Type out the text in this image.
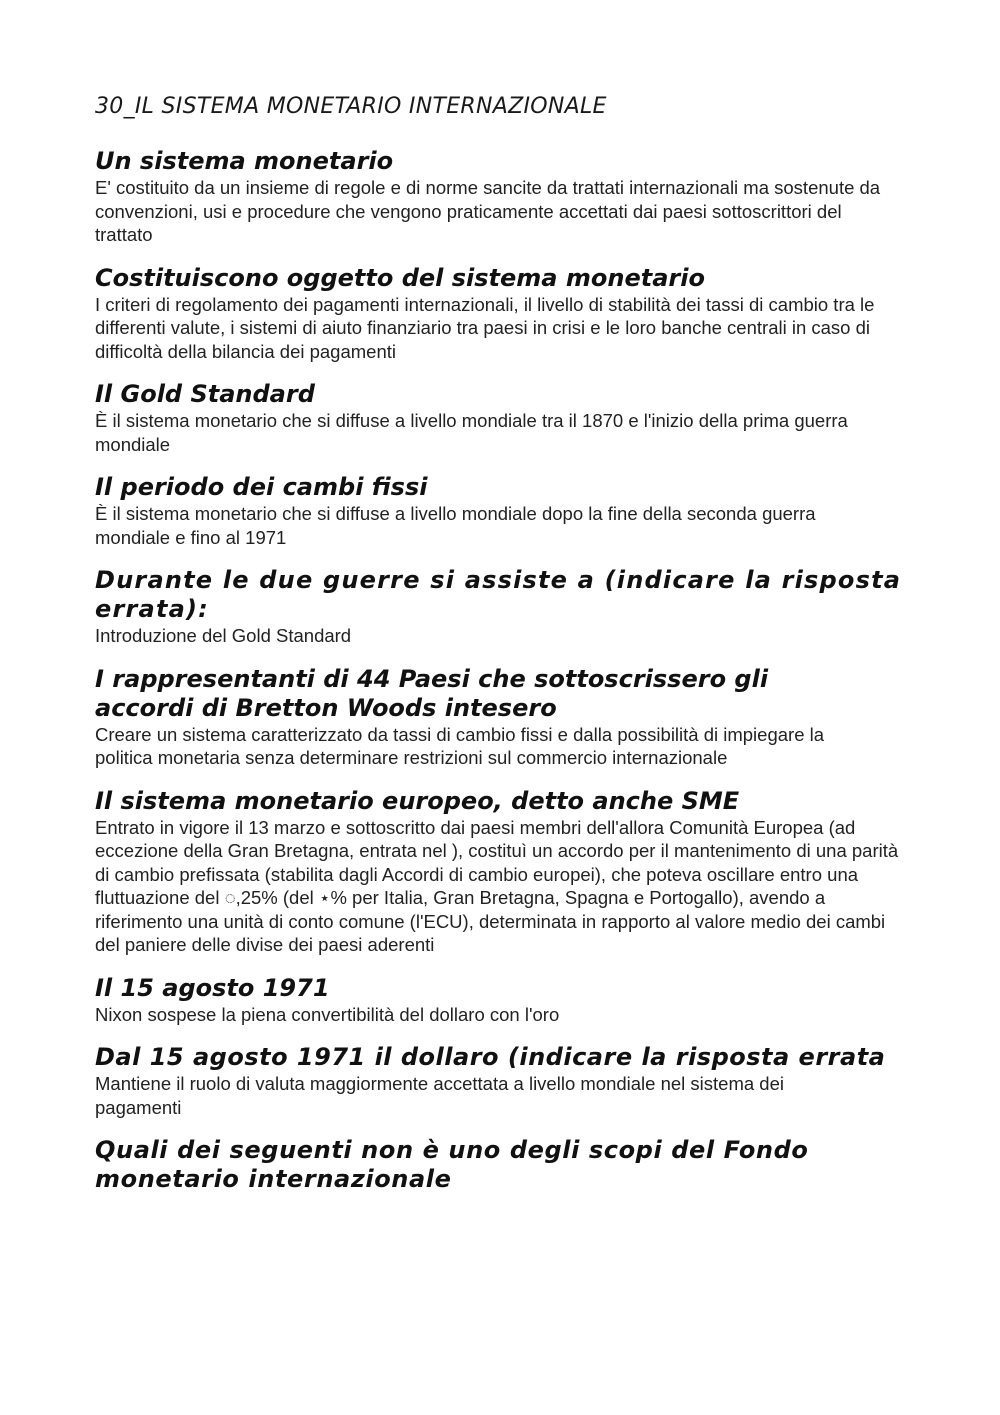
30_IL SISTEMA MONETARIO INTERNAZIONALE
Un sistema monetario

E' costituito da un insieme di regole e di norme sancite da trattati internazionali ma sostenute da convenzioni, usi e procedure che vengono praticamente accettati dai paesi sottoscrittori del trattato

Costituiscono oggetto del sistema monetario

I criteri di regolamento dei pagamenti internazionali, il livello di stabilità dei tassi di cambio tra le differenti valute, i sistemi di aiuto finanziario tra paesi in crisi e le loro banche centrali in caso di difficoltà della bilancia dei pagamenti

Il Gold Standard

È il sistema monetario che si diffuse a livello mondiale tra il 1870 e l'inizio della prima guerra mondiale

Il periodo dei cambi fissi

È il sistema monetario che si diffuse a livello mondiale dopo la fine della seconda guerra mondiale e fino al 1971

Durante le due guerre si assiste a (indicare la risposta errata):

Introduzione del Gold Standard

I rappresentanti di 44 Paesi che sottoscrissero gli accordi di Bretton Woods intesero

Creare un sistema caratterizzato da tassi di cambio fissi e dalla possibilità di impiegare la politica monetaria senza determinare restrizioni sul commercio internazionale

Il sistema monetario europeo, detto anche SME

Entrato in vigore il 13 marzo e sottoscritto dai paesi membri dell'allora Comunità Europea (ad eccezione della Gran Bretagna, entrata nel ), costituì un accordo per il mantenimento di una parità di cambio prefissata (stabilita dagli Accordi di cambio europei), che poteva oscillare entro una fluttuazione del ◌,25% (del ⋆% per Italia, Gran Bretagna, Spagna e Portogallo), avendo a riferimento una unità di conto comune (l'ECU), determinata in rapporto al valore medio dei cambi del paniere delle divise dei paesi aderenti

Il 15 agosto 1971

Nixon sospese la piena convertibilità del dollaro con l'oro

Dal 15 agosto 1971 il dollaro (indicare la risposta errata

Mantiene il ruolo di valuta maggiormente accettata a livello mondiale nel sistema dei pagamenti

Quali dei seguenti non è uno degli scopi del Fondo monetario internazionale
